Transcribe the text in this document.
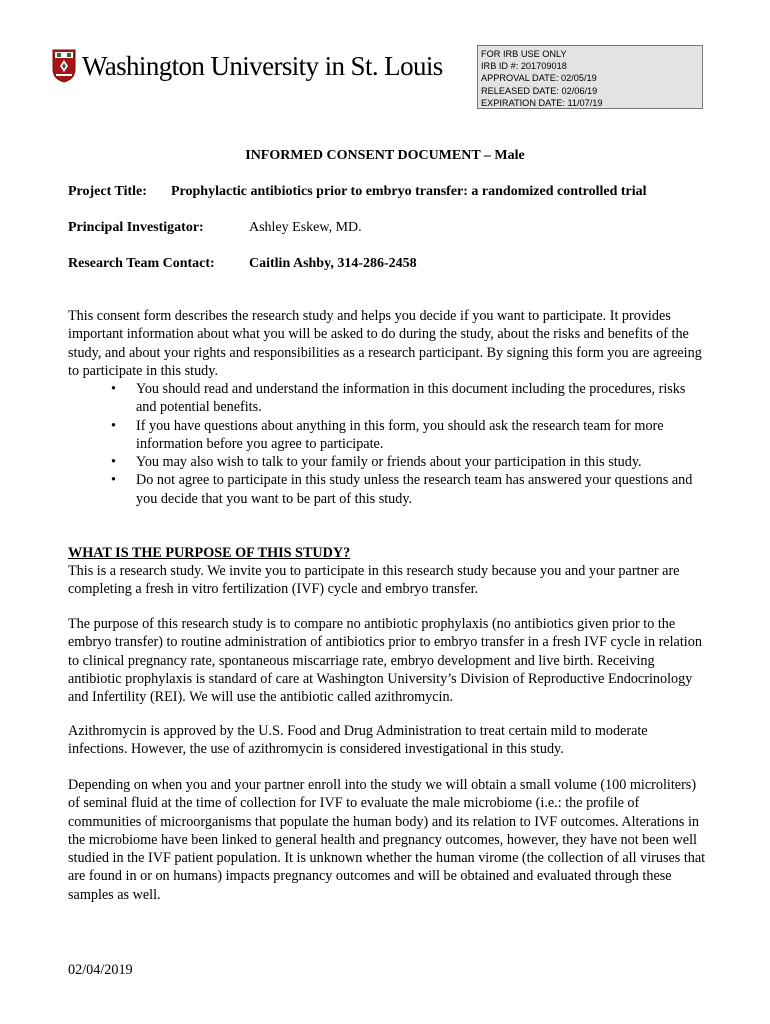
Washington University in St. Louis	FOR IRB USE ONLY
IRB ID #: 201709018
APPROVAL DATE: 02/05/19
RELEASED DATE: 02/06/19
EXPIRATION DATE: 11/07/19
INFORMED CONSENT DOCUMENT – Male
Project Title: Prophylactic antibiotics prior to embryo transfer: a randomized controlled trial
Principal Investigator:	Ashley Eskew, MD.
Research Team Contact: Caitlin Ashby, 314-286-2458
This consent form describes the research study and helps you decide if you want to participate. It provides important information about what you will be asked to do during the study, about the risks and benefits of the study, and about your rights and responsibilities as a research participant. By signing this form you are agreeing to participate in this study.
• You should read and understand the information in this document including the procedures, risks and potential benefits.
• If you have questions about anything in this form, you should ask the research team for more information before you agree to participate.
• You may also wish to talk to your family or friends about your participation in this study.
• Do not agree to participate in this study unless the research team has answered your questions and you decide that you want to be part of this study.
WHAT IS THE PURPOSE OF THIS STUDY?
This is a research study. We invite you to participate in this research study because you and your partner are completing a fresh in vitro fertilization (IVF) cycle and embryo transfer.
The purpose of this research study is to compare no antibiotic prophylaxis (no antibiotics given prior to the embryo transfer) to routine administration of antibiotics prior to embryo transfer in a fresh IVF cycle in relation to clinical pregnancy rate, spontaneous miscarriage rate, embryo development and live birth. Receiving antibiotic prophylaxis is standard of care at Washington University’s Division of Reproductive Endocrinology and Infertility (REI). We will use the antibiotic called azithromycin.
Azithromycin is approved by the U.S. Food and Drug Administration to treat certain mild to moderate infections. However, the use of azithromycin is considered investigational in this study.
Depending on when you and your partner enroll into the study we will obtain a small volume (100 microliters) of seminal fluid at the time of collection for IVF to evaluate the male microbiome (i.e.: the profile of communities of microorganisms that populate the human body) and its relation to IVF outcomes. Alterations in the microbiome have been linked to general health and pregnancy outcomes, however, they have not been well studied in the IVF patient population. It is unknown whether the human virome (the collection of all viruses that are found in or on humans) impacts pregnancy outcomes and will be obtained and evaluated through these samples as well.
02/04/2019
